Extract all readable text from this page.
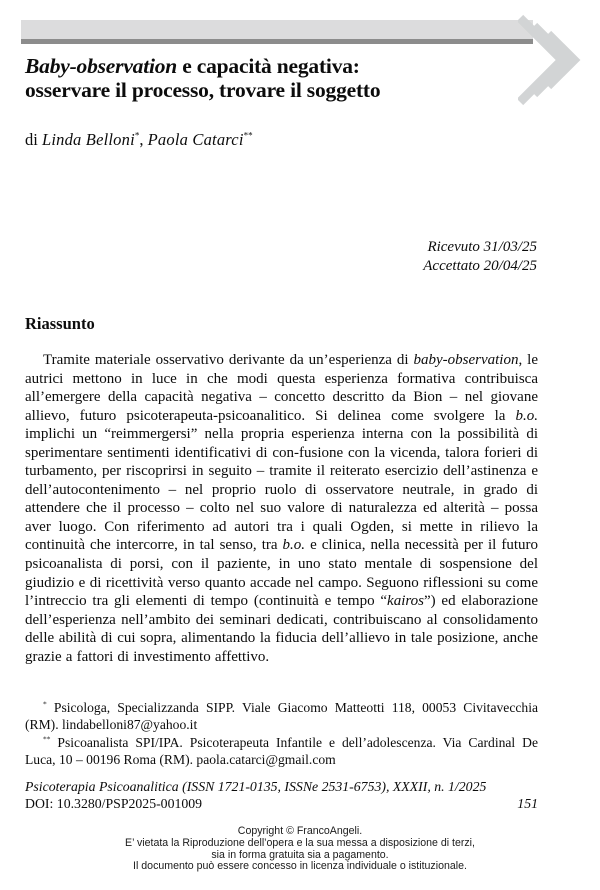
Baby-observation e capacità negativa:
osservare il processo, trovare il soggetto
di Linda Belloni*, Paola Catarci**
Ricevuto 31/03/25
Accettato 20/04/25
Riassunto

Tramite materiale osservativo derivante da un’esperienza di baby-observation, le autrici mettono in luce in che modi questa esperienza formativa contribuisca all’emergere della capacità negativa – concetto descritto da Bion – nel giovane allievo, futuro psicoterapeuta-psicoanalitico. Si delinea come svolgere la b.o. implichi un “reimmergersi” nella propria esperienza interna con la possibilità di sperimentare sentimenti identificativi di con-fusione con la vicenda, talora forieri di turbamento, per riscoprirsi in seguito – tramite il reiterato esercizio dell’astinenza e dell’autocontenimento – nel proprio ruolo di osservatore neutrale, in grado di attendere che il processo – colto nel suo valore di naturalezza ed alterità – possa aver luogo. Con riferimento ad autori tra i quali Ogden, si mette in rilievo la continuità che intercorre, in tal senso, tra b.o. e clinica, nella necessità per il futuro psicoanalista di porsi, con il paziente, in uno stato mentale di sospensione del giudizio e di ricettività verso quanto accade nel campo. Seguono riflessioni su come l’intreccio tra gli elementi di tempo (continuità e tempo “kairos”) ed elaborazione dell’esperienza nell’ambito dei seminari dedicati, contribuiscano al consolidamento delle abilità di cui sopra, alimentando la fiducia dell’allievo in tale posizione, anche grazie a fattori di investimento affettivo.

* Psicologa, Specializzanda SIPP. Viale Giacomo Matteotti 118, 00053 Civitavecchia (RM). lindabelloni87@yahoo.it

** Psicoanalista SPI/IPA. Psicoterapeuta Infantile e dell’adolescenza. Via Cardinal De Luca, 10 – 00196 Roma (RM). paola.catarci@gmail.com

Psicoterapia Psicoanalitica (ISSN 1721-0135, ISSNe 2531-6753), XXXII, n. 1/2025
DOI: 10.3280/PSP2025-001009	151
Copyright © FrancoAngeli.
E’ vietata la Riproduzione dell’opera e la sua messa a disposizione di terzi,
sia in forma gratuita sia a pagamento.
Il documento può essere concesso in licenza individuale o istituzionale.
